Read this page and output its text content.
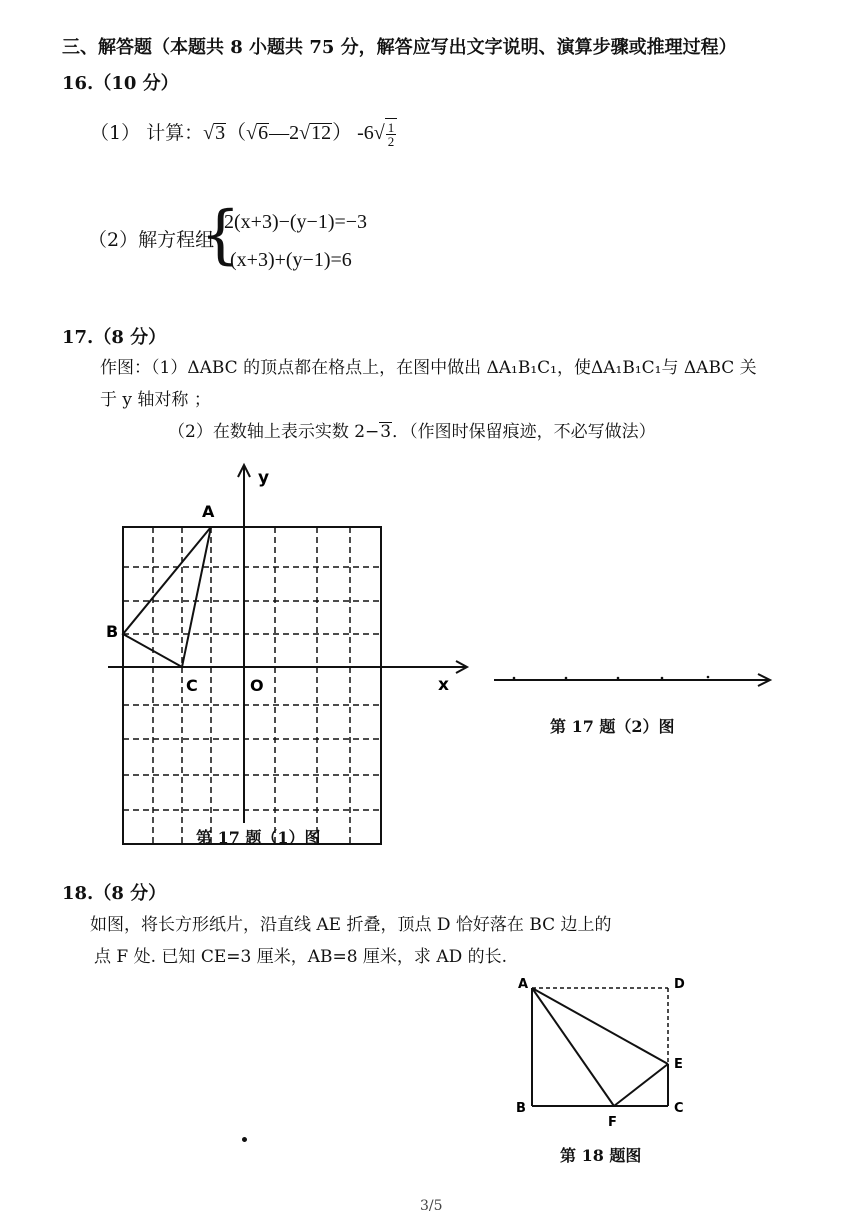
三、解答题（本题共 8 小题共 75 分，解答应写出文字说明、演算步骤或推理过程）
16.（10 分）
（1） 计算：√3（√6—2√12） $-6√ \frac{1}{2}$
（2）解方程组
{
2(x+3)−(y−1)=−3
(x+3)+(y−1)=6
17.（8 分）
作图：（1）ΔABC 的顶点都在格点上，在图中做出 ΔA₁B₁C₁，使ΔA₁B₁C₁与 ΔABC 关
于 y 轴对称 ；
（2）在数轴上表示实数 2−3．（作图时保留痕迹，不必写做法）
y
x
A
B
C	O
第 17 题（1）图
第 17 题（2）图
18.（8 分）
如图，将长方形纸片，沿直线 AE 折叠，顶点 D 恰好落在 BC 边上的
点 F 处. 已知 CE=3 厘米，AB=8 厘米，求 AD 的长.
A	D
E
B	C
F
第 18 题图
3/5
